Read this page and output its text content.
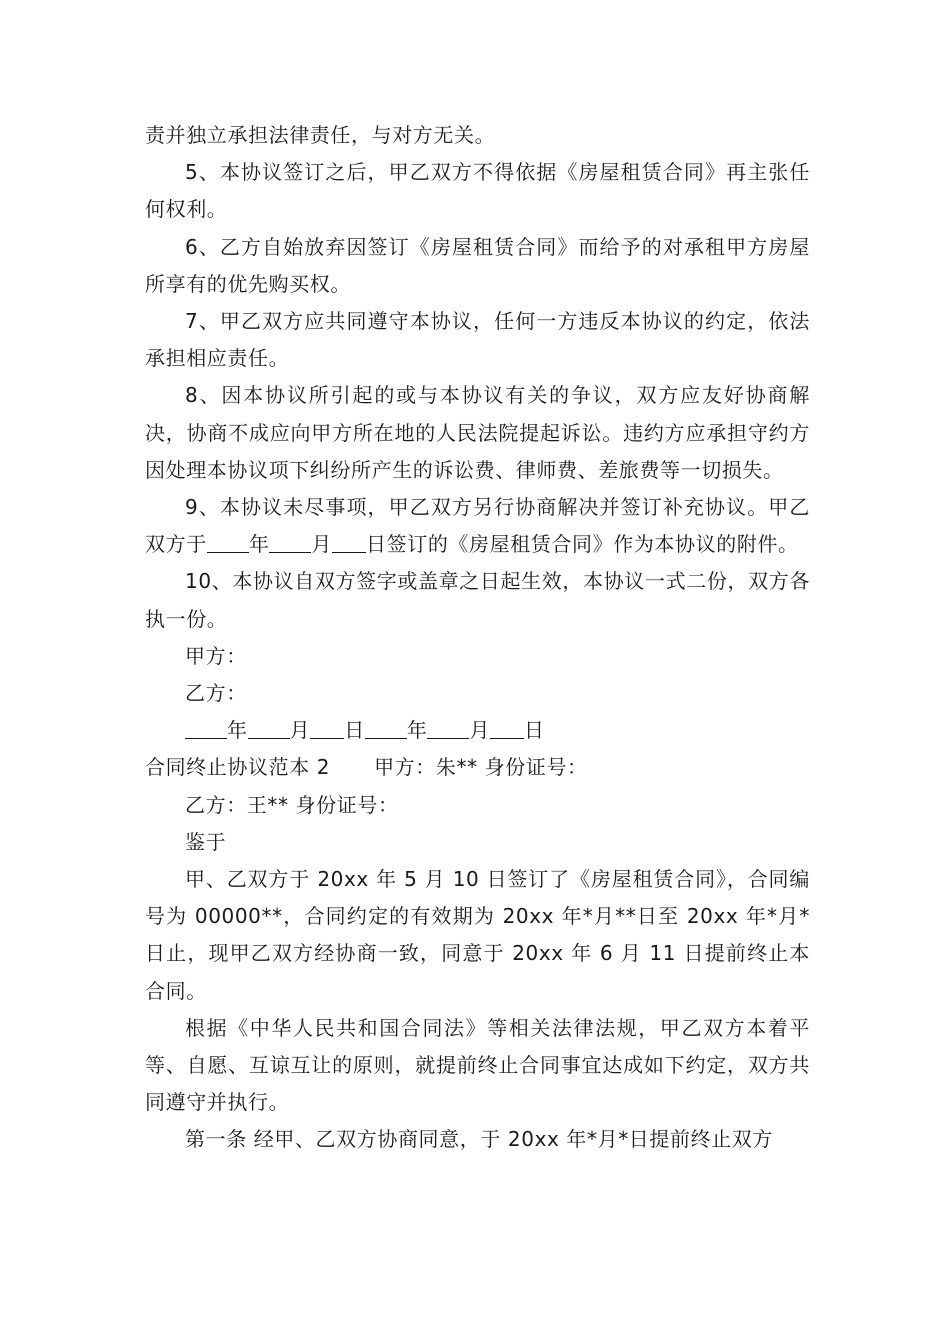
责并独立承担法律责任，与对方无关。

5、本协议签订之后，甲乙双方不得依据《房屋租赁合同》再主张任何权利。

6、乙方自始放弃因签订《房屋租赁合同》而给予的对承租甲方房屋所享有的优先购买权。

7、甲乙双方应共同遵守本协议，任何一方违反本协议的约定，依法承担相应责任。

8、因本协议所引起的或与本协议有关的争议，双方应友好协商解决，协商不成应向甲方所在地的人民法院提起诉讼。违约方应承担守约方因处理本协议项下纠纷所产生的诉讼费、律师费、差旅费等一切损失。

9、本协议未尽事项，甲乙双方另行协商解决并签订补充协议。甲乙双方于 年 月 日签订的《房屋租赁合同》作为本协议的附件。

10、本协议自双方签字或盖章之日起生效，本协议一式二份，双方各执一份。

甲方：

乙方：

年 月 日 年 月 日

合同终止协议范本 2 甲方：朱** 身份证号：

乙方：王** 身份证号：

鉴于

甲、乙双方于 20xx 年 5 月 10 日签订了《房屋租赁合同》，合同编号为 00000**，合同约定的有效期为 20xx 年*月**日至 20xx 年*月*日止，现甲乙双方经协商一致，同意于 20xx 年 6 月 11 日提前终止本合同。

根据《中华人民共和国合同法》等相关法律法规，甲乙双方本着平等、自愿、互谅互让的原则，就提前终止合同事宜达成如下约定，双方共同遵守并执行。

第一条 经甲、乙双方协商同意，于 20xx 年*月*日提前终止双方
